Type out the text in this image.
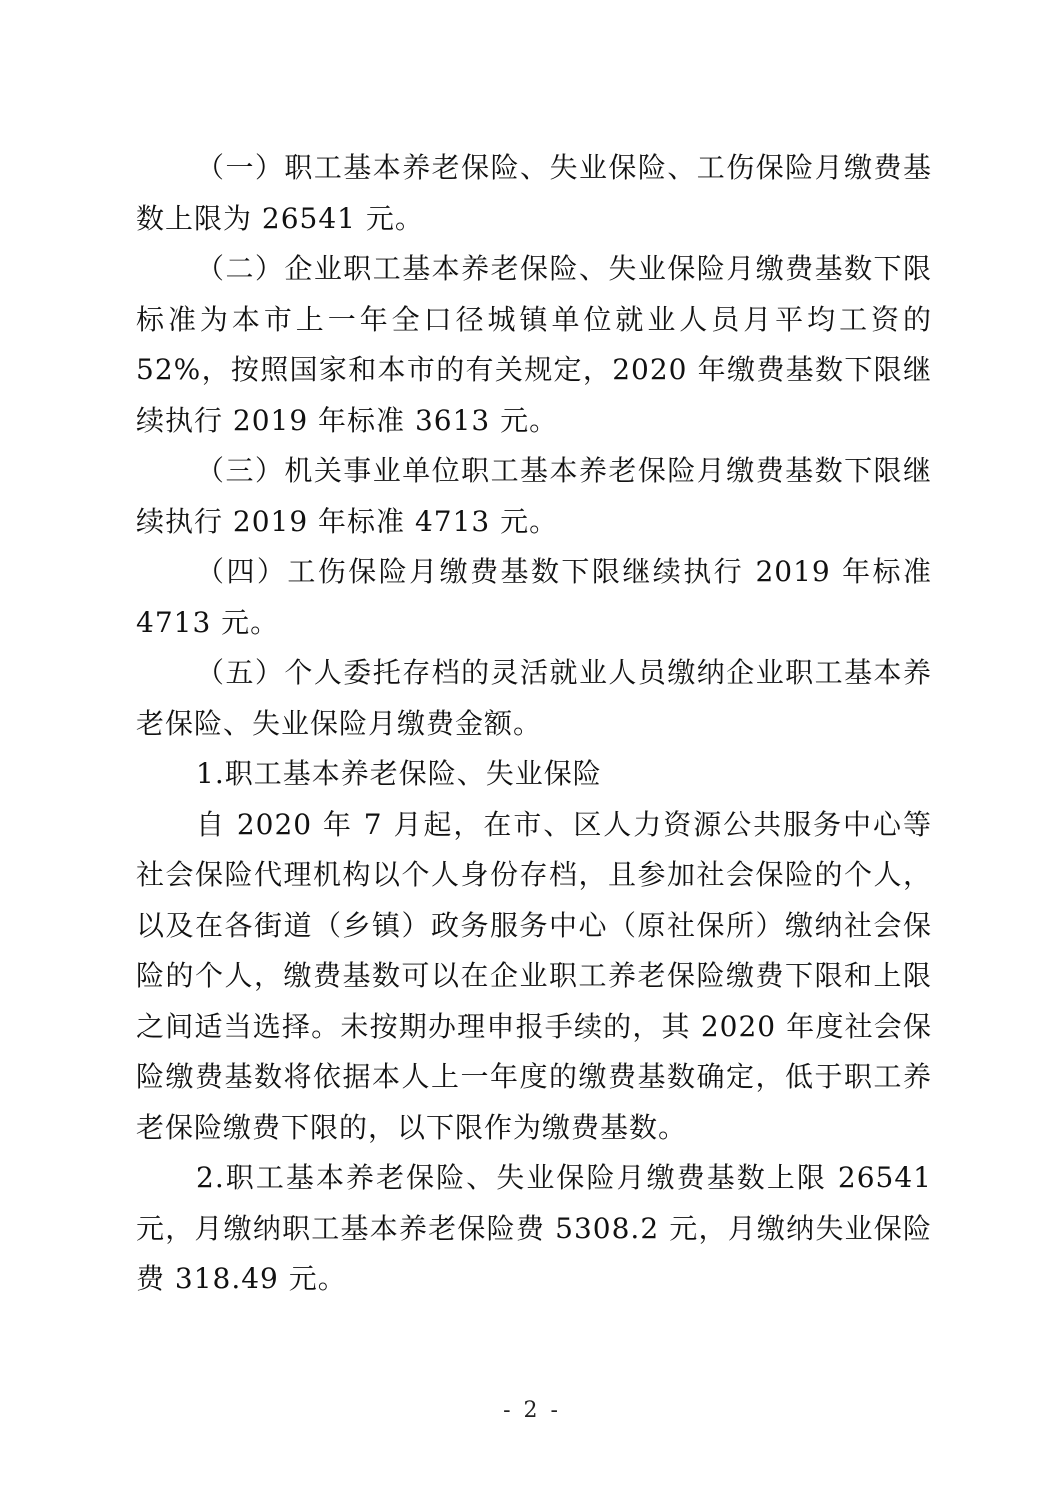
（一）职工基本养老保险、失业保险、工伤保险月缴费基数上限为 26541 元。

（二）企业职工基本养老保险、失业保险月缴费基数下限标准为本市上一年全口径城镇单位就业人员月平均工资的 52%，按照国家和本市的有关规定，2020 年缴费基数下限继续执行 2019 年标准 3613 元。

（三）机关事业单位职工基本养老保险月缴费基数下限继续执行 2019 年标准 4713 元。

（四）工伤保险月缴费基数下限继续执行 2019 年标准 4713 元。

（五）个人委托存档的灵活就业人员缴纳企业职工基本养老保险、失业保险月缴费金额。

1.职工基本养老保险、失业保险

自 2020 年 7 月起，在市、区人力资源公共服务中心等社会保险代理机构以个人身份存档，且参加社会保险的个人，以及在各街道（乡镇）政务服务中心（原社保所）缴纳社会保险的个人，缴费基数可以在企业职工养老保险缴费下限和上限之间适当选择。未按期办理申报手续的，其 2020 年度社会保险缴费基数将依据本人上一年度的缴费基数确定，低于职工养老保险缴费下限的，以下限作为缴费基数。

2.职工基本养老保险、失业保险月缴费基数上限 26541 元，月缴纳职工基本养老保险费 5308.2 元，月缴纳失业保险费 318.49 元。

- 2 -
